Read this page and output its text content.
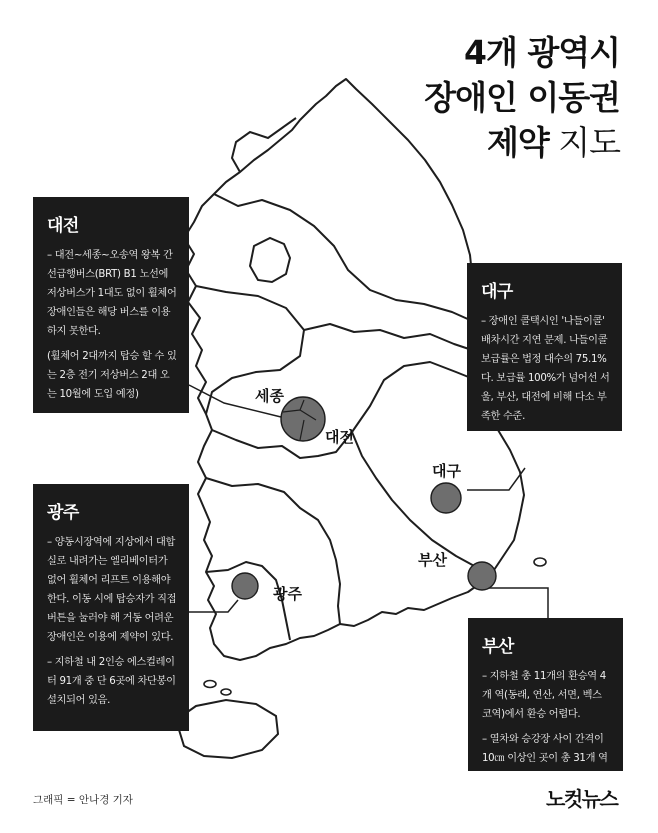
4개 광역시
장애인 이동권
제약 지도
대전

– 대전~세종~오송역 왕복 간선급행버스(BRT) B1 노선에 저상버스가 1대도 없이 휠체어 장애인들은 해당 버스를 이용하지 못한다.

(휠체어 2대까지 탑승 할 수 있는 2층 전기 저상버스 2대 오는 10월에 도입 예정)

대구

– 장애인 콜택시인 '나들이콜' 배차시간 지연 문제. 나들이콜 보급률은 법정 대수의 75.1%다. 보급률 100%가 넘어선 서울, 부산, 대전에 비해 다소 부족한 수준.

광주

– 양동시장역에 지상에서 대합실로 내려가는 엘리베이터가 없어 휠체어 리프트 이용해야 한다. 이동 시에 탑승자가 직접 버튼을 눌러야 해 거동 어려운 장애인은 이용에 제약이 있다.

– 지하철 내 2인승 에스컬레이터 91개 중 단 6곳에 차단봉이 설치되어 있음.

부산

– 지하철 총 11개의 환승역 4개 역(동래, 연산, 서면, 벡스코역)에서 환승 어렵다.

– 열차와 승강장 사이 간격이 10㎝ 이상인 곳이 총 31개 역

세종
대전
대구
부산
광주
그래픽 = 안나경 기자	노컷뉴스
